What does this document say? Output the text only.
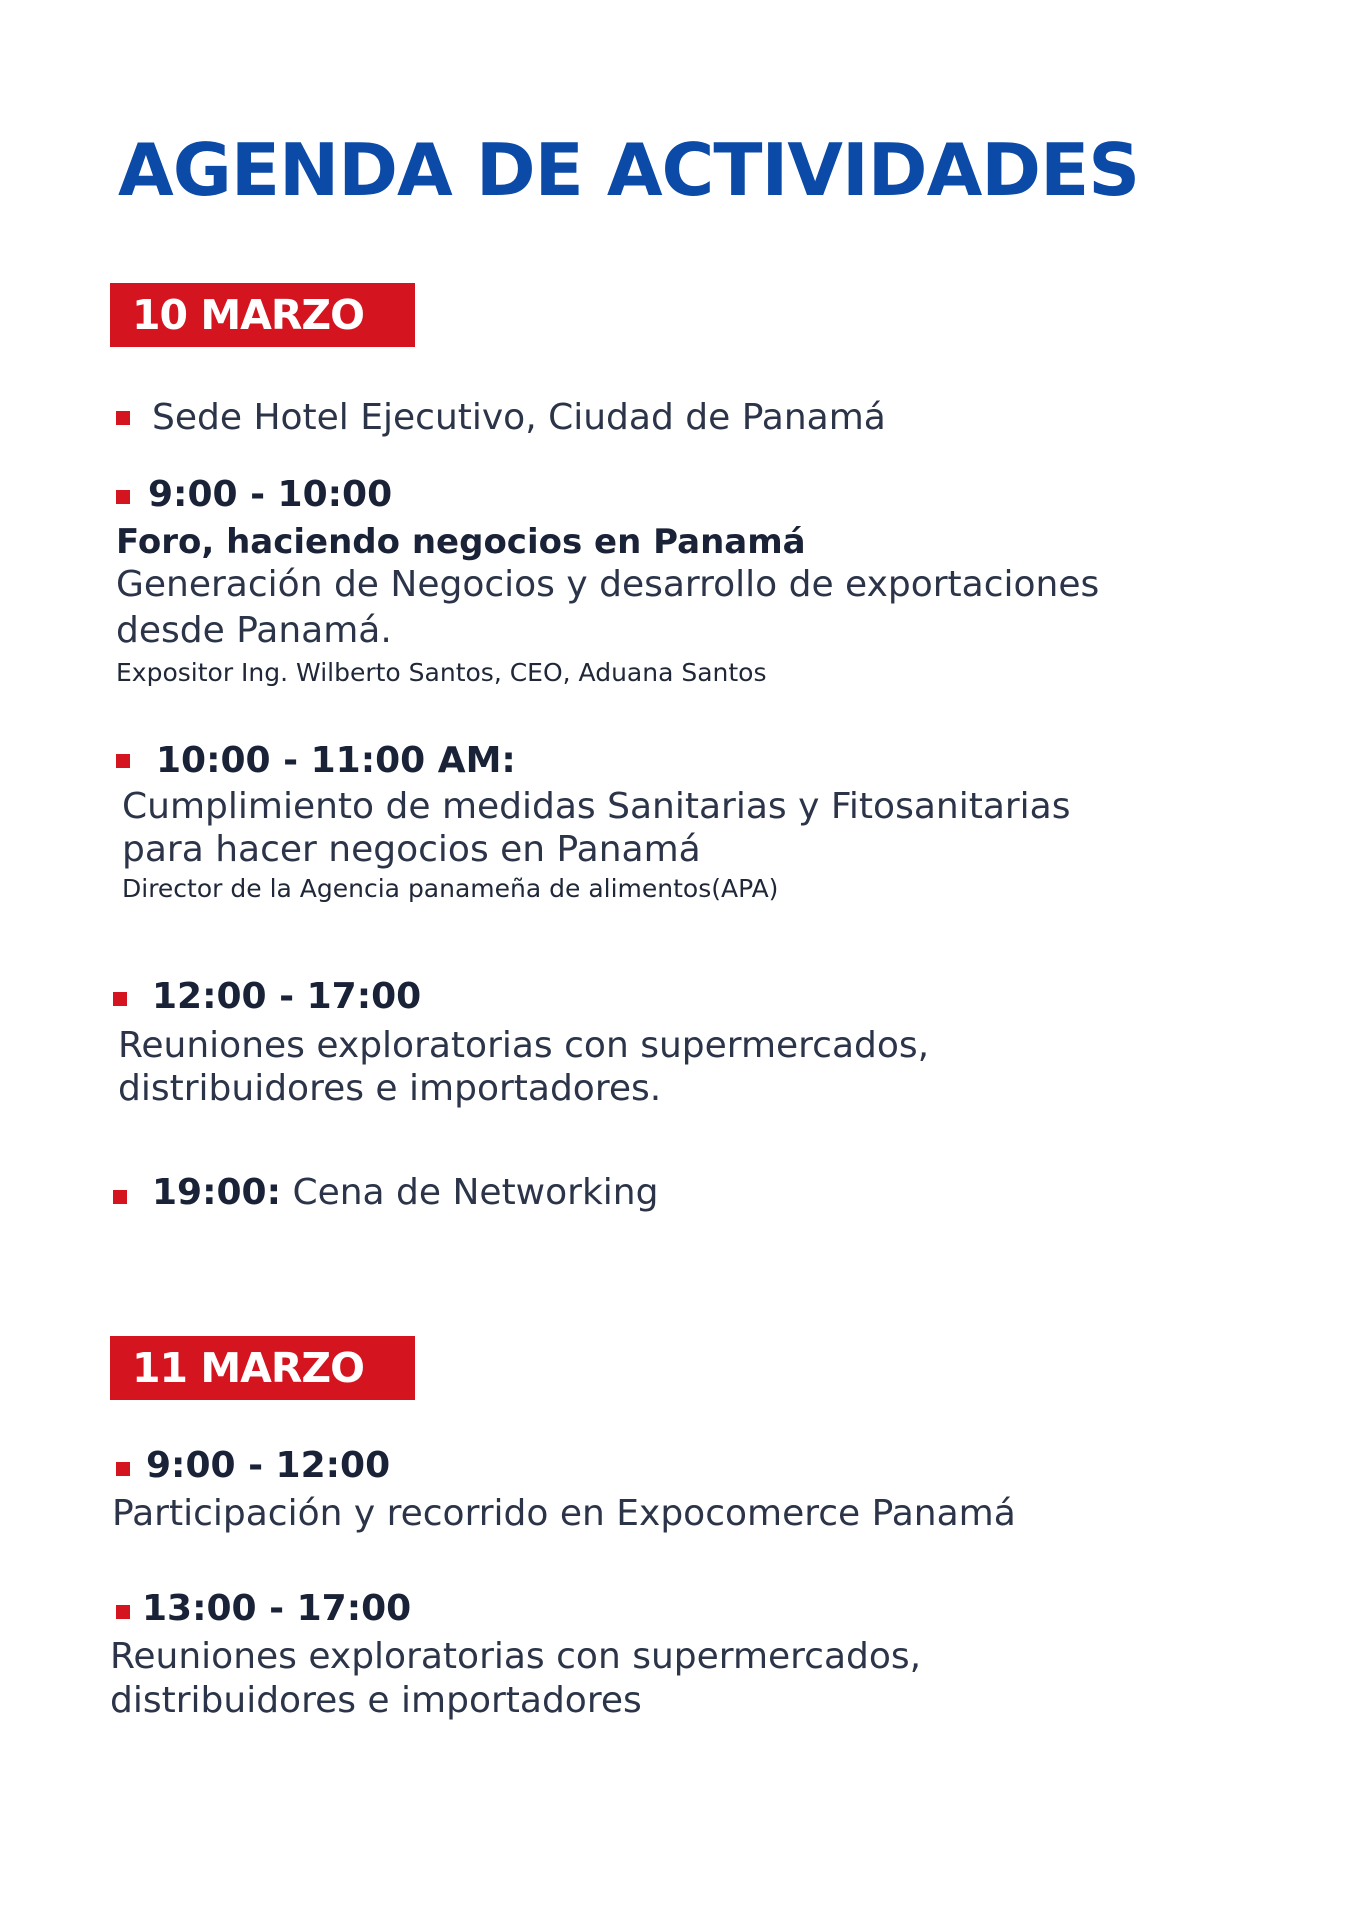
AGENDA DE ACTIVIDADES
10 MARZO
Sede Hotel Ejecutivo, Ciudad de Panamá
9:00 - 10:00
Foro, haciendo negocios en Panamá
Generación de Negocios y desarrollo de exportaciones
desde Panamá.
Expositor Ing. Wilberto Santos, CEO, Aduana Santos
10:00 - 11:00 AM:
Cumplimiento de medidas Sanitarias y Fitosanitarias
para hacer negocios en Panamá
Director de la Agencia panameña de alimentos(APA)
12:00 - 17:00
Reuniones exploratorias con supermercados,
distribuidores e importadores.
19:00: Cena de Networking
11 MARZO
9:00 - 12:00
Participación y recorrido en Expocomerce Panamá
13:00 - 17:00
Reuniones exploratorias con supermercados,
distribuidores e importadores
